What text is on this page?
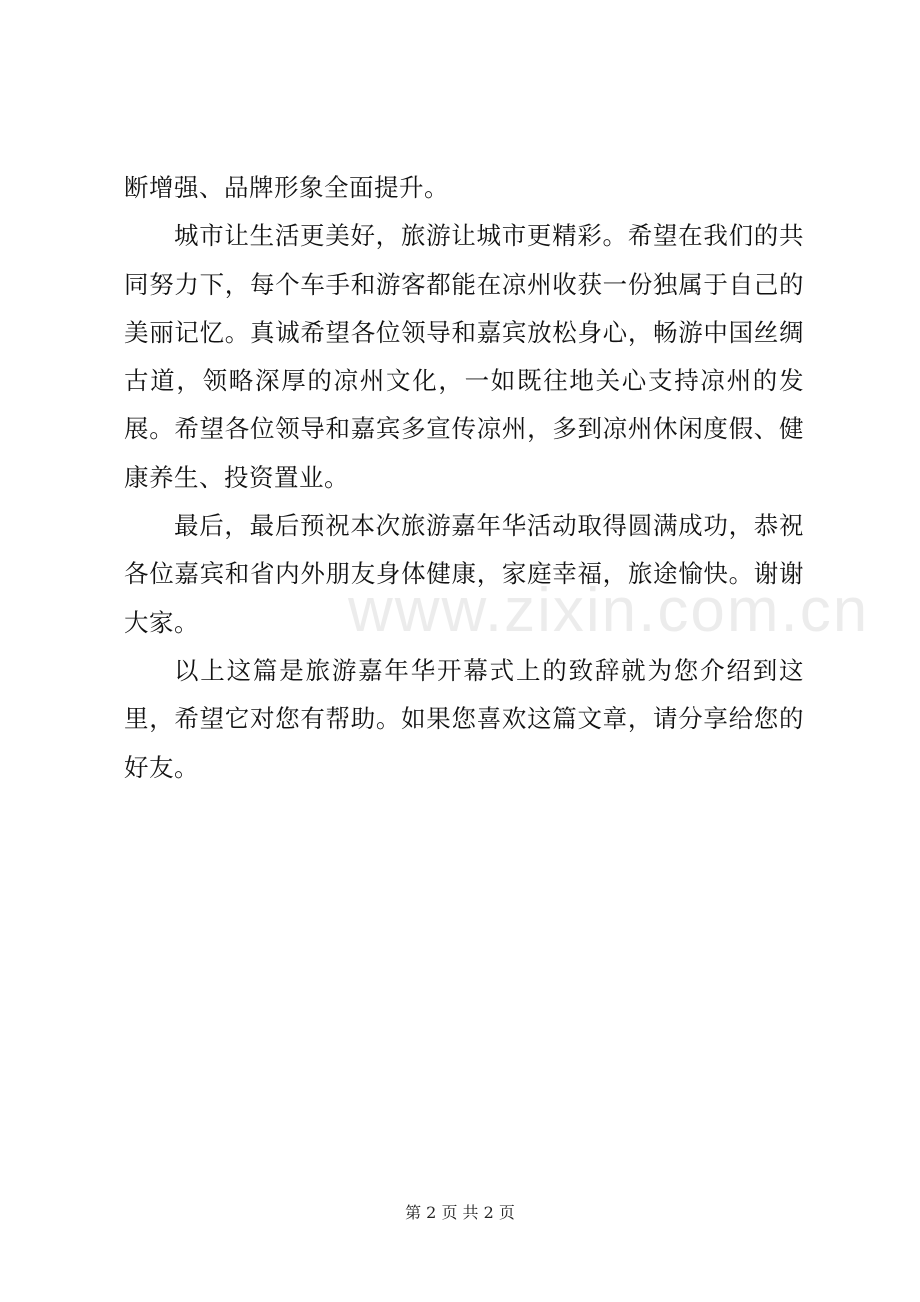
www.zixin.com.cn

断增强、品牌形象全面提升。

城市让生活更美好，旅游让城市更精彩。希望在我们的共同努力下，每个车手和游客都能在凉州收获一份独属于自己的美丽记忆。真诚希望各位领导和嘉宾放松身心，畅游中国丝绸古道，领略深厚的凉州文化，一如既往地关心支持凉州的发展。希望各位领导和嘉宾多宣传凉州，多到凉州休闲度假、健康养生、投资置业。

最后，最后预祝本次旅游嘉年华活动取得圆满成功，恭祝各位嘉宾和省内外朋友身体健康，家庭幸福，旅途愉快。谢谢大家。

以上这篇是旅游嘉年华开幕式上的致辞就为您介绍到这里，希望它对您有帮助。如果您喜欢这篇文章，请分享给您的好友。

第 2 页 共 2 页
